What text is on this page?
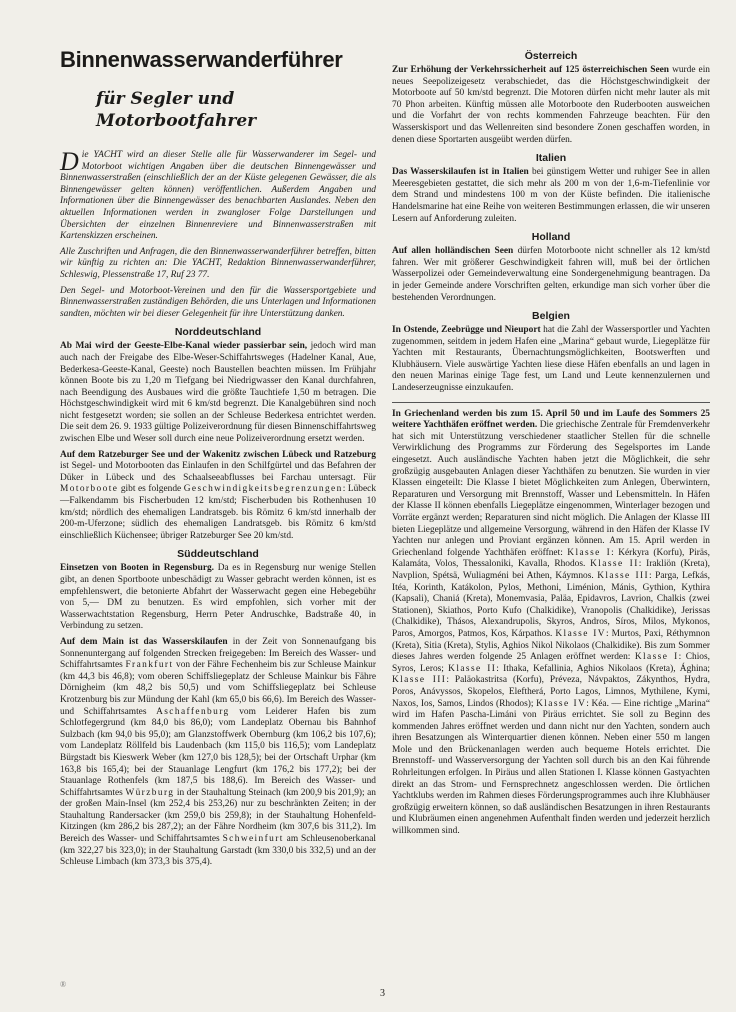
Binnenwasserwanderführer
für Segler und Motorbootfahrer

Die YACHT wird an dieser Stelle alle für Wasserwanderer im Segel- und Motorboot wichtigen Angaben über die deutschen Binnengewässer und Binnenwasserstraßen (einschließlich der an der Küste gelegenen Gewässer, die als Binnengewässer gelten können) veröffentlichen. Außerdem Angaben und Informationen über die Binnengewässer des benachbarten Auslandes. Neben den aktuellen Informationen werden in zwangloser Folge Darstellungen und Übersichten der einzelnen Binnenreviere und Binnenwasserstraßen mit Kartenskizzen erscheinen.

Alle Zuschriften und Anfragen, die den Binnenwasserwanderführer betreffen, bitten wir künftig zu richten an: Die YACHT, Redaktion Binnenwasserwanderführer, Schleswig, Plessenstraße 17, Ruf 23 77.

Den Segel- und Motorboot-Vereinen und den für die Wassersportgebiete und Binnenwasserstraßen zuständigen Behörden, die uns Unterlagen und Informationen sandten, möchten wir bei dieser Gelegenheit für ihre Unterstützung danken.

Norddeutschland

Ab Mai wird der Geeste-Elbe-Kanal wieder passierbar sein, jedoch wird man auch nach der Freigabe des Elbe-Weser-Schiffahrtsweges (Hadelner Kanal, Aue, Bederkesa-Geeste-Kanal, Geeste) noch Baustellen beachten müssen. Im Frühjahr können Boote bis zu 1,20 m Tiefgang bei Niedrigwasser den Kanal durchfahren, nach Beendigung des Ausbaues wird die größte Tauchtiefe 1,50 m betragen. Die Höchstgeschwindigkeit wird mit 6 km/std begrenzt. Die Kanalgebühren sind noch nicht festgesetzt worden; sie sollen an der Schleuse Bederkesa entrichtet werden. Die seit dem 26. 9. 1933 gültige Polizeiverordnung für diesen Binnenschiffahrtsweg zwischen Elbe und Weser soll durch eine neue Polizeiverordnung ersetzt werden.

Auf dem Ratzeburger See und der Wakenitz zwischen Lübeck und Ratzeburg ist Segel- und Motorbooten das Einlaufen in den Schilfgürtel und das Befahren der Düker in Lübeck und des Schaalseeabflusses bei Farchau untersagt. Für Motorboote gibt es folgende Geschwindigkeitsbegrenzungen: Lübeck—Falkendamm bis Fischerbuden 12 km/std; Fischerbuden bis Rothenhusen 10 km/std; nördlich des ehemaligen Landratsgeb. bis Römitz 6 km/std innerhalb der 200-m-Uferzone; südlich des ehemaligen Landratsgeb. bis Römitz 6 km/std einschließlich Küchensee; übriger Ratzeburger See 20 km/std.

Süddeutschland

Einsetzen von Booten in Regensburg. Da es in Regensburg nur wenige Stellen gibt, an denen Sportboote unbeschädigt zu Wasser gebracht werden können, ist es empfehlenswert, die betonierte Abfahrt der Wasserwacht gegen eine Hebegebühr von 5,— DM zu benutzen. Es wird empfohlen, sich vorher mit der Wasserwachtstation Regensburg, Herrn Peter Andruschke, Badstraße 40, in Verbindung zu setzen.

Auf dem Main ist das Wasserskilaufen in der Zeit von Sonnenaufgang bis Sonnenuntergang auf folgenden Strecken freigegeben: Im Bereich des Wasser- und Schiffahrtsamtes Frankfurt von der Fähre Fechenheim bis zur Schleuse Mainkur (km 44,3 bis 46,8); vom oberen Schiffsliegeplatz der Schleuse Mainkur bis Fähre Dörnigheim (km 48,2 bis 50,5) und vom Schiffsliegeplatz bei Schleuse Krotzenburg bis zur Mündung der Kahl (km 65,0 bis 66,6). Im Bereich des Wasser- und Schiffahrtsamtes Aschaffenburg vom Leiderer Hafen bis zum Schlotfegergrund (km 84,0 bis 86,0); vom Landeplatz Obernau bis Bahnhof Sulzbach (km 94,0 bis 95,0); am Glanzstoffwerk Obernburg (km 106,2 bis 107,6); vom Landeplatz Röllfeld bis Laudenbach (km 115,0 bis 116,5); vom Landeplatz Bürgstadt bis Kieswerk Weber (km 127,0 bis 128,5); bei der Ortschaft Urphar (km 163,8 bis 165,4); bei der Stauanlage Lengfurt (km 176,2 bis 177,2); bei der Stauanlage Rothenfels (km 187,5 bis 188,6). Im Bereich des Wasser- und Schiffahrtsamtes Würzburg in der Stauhaltung Steinach (km 200,9 bis 201,9); an der großen Main-Insel (km 252,4 bis 253,26) nur zu beschränkten Zeiten; in der Stauhaltung Randersacker (km 259,0 bis 259,8); in der Stauhaltung Hohenfeld-Kitzingen (km 286,2 bis 287,2); an der Fähre Nordheim (km 307,6 bis 311,2). Im Bereich des Wasser- und Schiffahrtsamtes Schweinfurt am Schleusenoberkanal (km 322,27 bis 323,0); in der Stauhaltung Garstadt (km 330,0 bis 332,5) und an der Schleuse Limbach (km 373,3 bis 375,4).

Österreich

Zur Erhöhung der Verkehrssicherheit auf 125 österreichischen Seen wurde ein neues Seepolizeigesetz verabschiedet, das die Höchstgeschwindigkeit der Motorboote auf 50 km/std begrenzt. Die Motoren dürfen nicht mehr lauter als mit 70 Phon arbeiten. Künftig müssen alle Motorboote den Ruderbooten ausweichen und die Vorfahrt der von rechts kommenden Fahrzeuge beachten. Für den Wasserskisport und das Wellenreiten sind besondere Zonen geschaffen worden, in denen diese Sportarten ausgeübt werden dürfen.

Italien

Das Wasserskilaufen ist in Italien bei günstigem Wetter und ruhiger See in allen Meeresgebieten gestattet, die sich mehr als 200 m von der 1,6-m-Tiefenlinie vor dem Strand und mindestens 100 m von der Küste befinden. Die italienische Handelsmarine hat eine Reihe von weiteren Bestimmungen erlassen, die wir unseren Lesern auf Anforderung zuleiten.

Holland

Auf allen holländischen Seen dürfen Motorboote nicht schneller als 12 km/std fahren. Wer mit größerer Geschwindigkeit fahren will, muß bei der örtlichen Wasserpolizei oder Gemeindeverwaltung eine Sondergenehmigung beantragen. Da in jeder Gemeinde andere Vorschriften gelten, erkundige man sich vorher über die bestehenden Verordnungen.

Belgien

In Ostende, Zeebrügge und Nieuport hat die Zahl der Wassersportler und Yachten zugenommen, seitdem in jedem Hafen eine „Marina“ gebaut wurde, Liegeplätze für Yachten mit Restaurants, Übernachtungsmöglichkeiten, Bootswerften und Klubhäusern. Viele auswärtige Yachten liese diese Häfen ebenfalls an und lagen in den neuen Marinas einige Tage fest, um Land und Leute kennenzulernen und Landeserzeugnisse einzukaufen.

In Griechenland werden bis zum 15. April 50 und im Laufe des Sommers 25 weitere Yachthäfen eröffnet werden. Die griechische Zentrale für Fremdenverkehr hat sich mit Unterstützung verschiedener staatlicher Stellen für die schnelle Verwirklichung des Programms zur Förderung des Segelsportes im Lande eingesetzt. Auch ausländische Yachten haben jetzt die Möglichkeit, die sehr großzügig ausgebauten Anlagen dieser Yachthäfen zu benutzen. Sie wurden in vier Klassen eingeteilt: Die Klasse I bietet Möglichkeiten zum Anlegen, Überwintern, Reparaturen und Versorgung mit Brennstoff, Wasser und Lebensmitteln. In Häfen der Klasse II können ebenfalls Liegeplätze eingenommen, Winterlager bezogen und Vorräte ergänzt werden; Reparaturen sind nicht möglich. Die Anlagen der Klasse III bieten Liegeplätze und allgemeine Versorgung, während in den Häfen der Klasse IV Yachten nur anlegen und Proviant ergänzen können. Am 15. April werden in Griechenland folgende Yachthäfen eröffnet: Klasse I: Kérkyra (Korfu), Piräs, Kalamáta, Volos, Thessaloniki, Kavalla, Rhodos. Klasse II: Irakliön (Kreta), Navplion, Spétsä, Wuliagméni bei Athen, Káymnos. Klasse III: Parga, Lefkás, Itéa, Korinth, Katákolon, Pylos, Methoni, Liménion, Mánis, Gythion, Kythira (Kapsali), Chaniá (Kreta), Monemvasia, Paläa, Epidavros, Lavrion, Chalkis (zwei Stationen), Skiathos, Porto Kufo (Chalkidike), Vranopolis (Chalkidike), Jerissas (Chalkidike), Thásos, Alexandrupolis, Skyros, Andros, Síros, Milos, Mykonos, Paros, Amorgos, Patmos, Kos, Kárpathos. Klasse IV: Murtos, Paxi, Réthymnon (Kreta), Sitia (Kreta), Stylis, Aghios Nikol Nikolaos (Chalkidike). Bis zum Sommer dieses Jahres werden folgende 25 Anlagen eröffnet werden: Klasse I: Chios, Syros, Leros; Klasse II: Ithaka, Kefallinia, Aghios Nikolaos (Kreta), Ághina; Klasse III: Paläokastritsa (Korfu), Préveza, Návpaktos, Zákynthos, Hydra, Poros, Anávyssos, Skopelos, Eleftherá, Porto Lagos, Limnos, Mythilene, Kymi, Naxos, Ios, Samos, Lindos (Rhodos); Klasse IV: Kéa. — Eine richtige „Marina“ wird im Hafen Pascha-Limáni von Piräus errichtet. Sie soll zu Beginn des kommenden Jahres eröffnet werden und dann nicht nur den Yachten, sondern auch ihren Besatzungen als Winterquartier dienen können. Neben einer 550 m langen Mole und den Brückenanlagen werden auch bequeme Hotels errichtet. Die Brennstoff- und Wasserversorgung der Yachten soll durch bis an den Kai führende Rohrleitungen erfolgen. In Piräus und allen Stationen I. Klasse können Gastyachten direkt an das Strom- und Fernsprechnetz angeschlossen werden. Die örtlichen Yachtklubs werden im Rahmen dieses Förderungsprogrammes auch ihre Klubhäuser großzügig erweitern können, so daß ausländischen Besatzungen in ihren Restaurants und Klubräumen einen angenehmen Aufenthalt finden werden und jederzeit herzlich willkommen sind.

3
®
